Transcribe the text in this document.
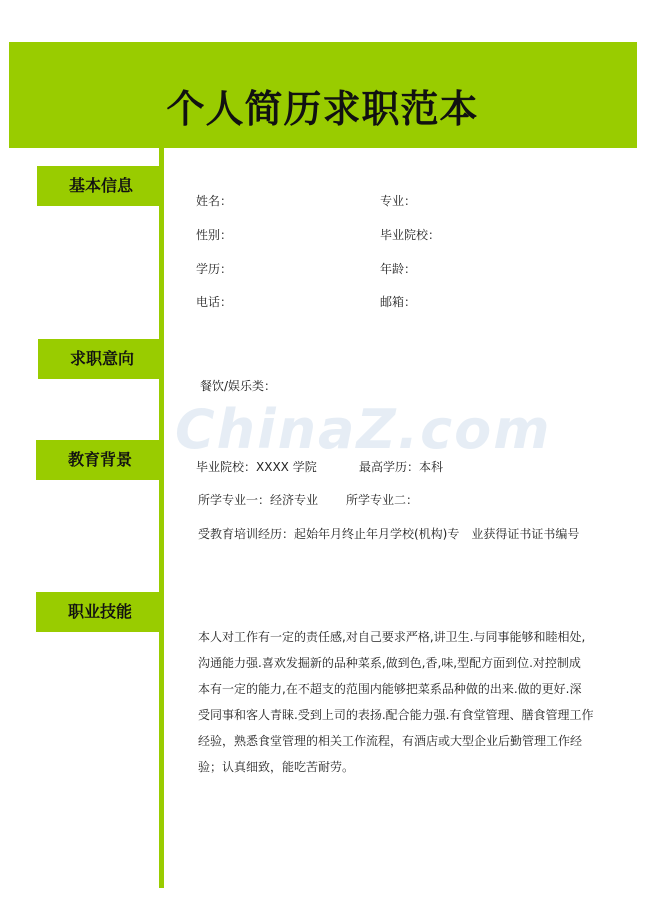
个人简历求职范本
ChinaZ.com
基本信息
求职意向
教育背景
职业技能
姓名：	专业：
性别：	毕业院校：
学历：	年龄：
电话：	邮箱：
餐饮/娱乐类：
毕业院校：XXXX 学院	最高学历：本科
所学专业一：经济专业 所学专业二：
受教育培训经历：起始年月终止年月学校(机构)专　业获得证书证书编号
本人对工作有一定的责任感,对自己要求严格,讲卫生.与同事能够和睦相处,
沟通能力强.喜欢发掘新的品种菜系,做到色,香,味,型配方面到位.对控制成
本有一定的能力,在不超支的范围内能够把菜系品种做的出来.做的更好.深
受同事和客人青睐.受到上司的表扬.配合能力强.有食堂管理、膳食管理工作
经验，熟悉食堂管理的相关工作流程，有酒店或大型企业后勤管理工作经
验；认真细致，能吃苦耐劳。
